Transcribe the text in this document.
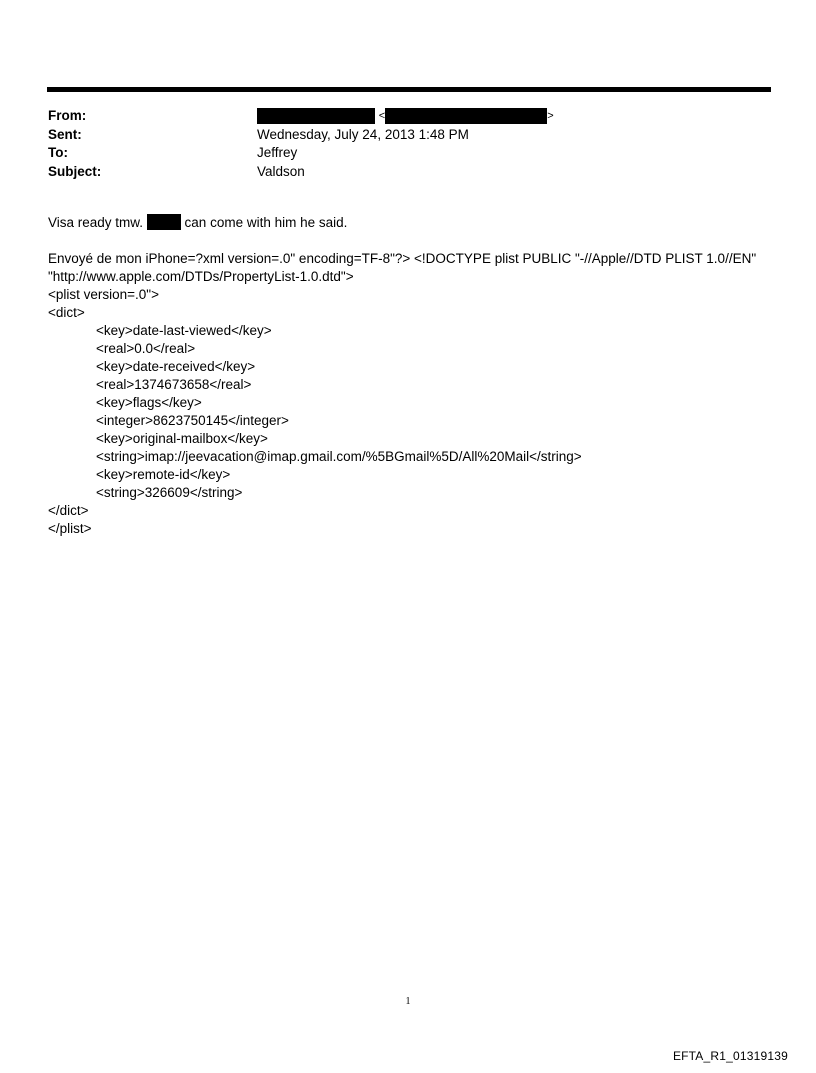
From:	<	>
Sent:	Wednesday, July 24, 2013 1:48 PM
To:	Jeffrey
Subject:	Valdson
Visa ready tmw.	can come with him he said.
Envoyé de mon iPhone=?xml version=.0" encoding=TF-8"?> <!DOCTYPE plist PUBLIC "-//Apple//DTD PLIST 1.0//EN"
"http://www.apple.com/DTDs/PropertyList-1.0.dtd">
<plist version=.0">
<dict>
<key>date-last-viewed</key>
<real>0.0</real>
<key>date-received</key>
<real>1374673658</real>
<key>flags</key>
<integer>8623750145</integer>
<key>original-mailbox</key>
<string>imap://jeevacation@imap.gmail.com/%5BGmail%5D/All%20Mail</string>
<key>remote-id</key>
<string>326609</string>
</dict>
</plist>
1
EFTA_R1_01319139
